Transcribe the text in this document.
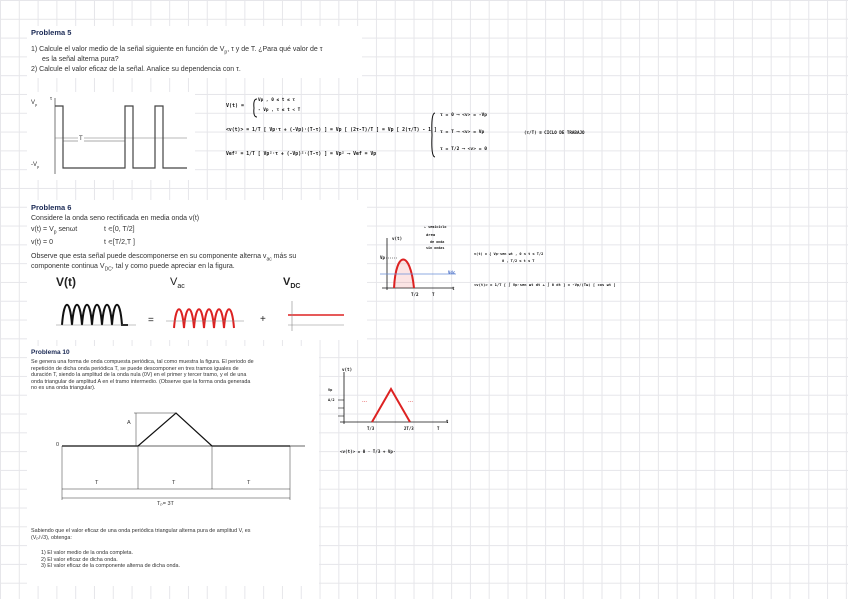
Problema 5
1) Calcule el valor medio de la señal siguiente en función de $V_p$, τ y de T. ¿Para qué valor de τ
es la señal alterna pura?
2) Calcule el valor eficaz de la señal. Analice su dependencia con τ.
$V_p$
$-V_p$
τ
T
V(t) =
Vp , 0 ≤ t ≤ τ
- Vp , τ ≤ t < T
<v(t)> = 1/T [ Vp·τ + (-Vp)·(T-τ) ] = Vp [ (2τ-T)/T ] = Vp [ 2(τ/T) - 1 ]
Vef² = 1/T [ Vp²·τ + (-Vp)²·(T-τ) ] = Vp² ⟶ Vef = Vp
τ = 0 ⟶ <v> = -Vp
τ = T ⟶ <v> = Vp
τ = T/2 ⟶ <v> = 0
(τ/T) ≡ CICLO DE TRABAJO
Problema 6
Considere la onda seno rectificada en media onda v(t)
$v(t) = V_p$ senωt	t ∊[0, T/2]
v(t) = 0	t ∊[T/2,T ]
Observe que esta señal puede descomponerse en su componente alterna $v_{ac}$ más su
componente continua $V_{DC}$, tal y como puede apreciar en la figura.
V(t)	$V_{ac}$	$V_{DC}$
=	+
v(t)
Vp
T/2	T
t
← semiciclo
área
de onda
sin ondas
Vdc
v(t) = { Vp·sen ωt , 0 ≤ t ≤ T/2
0 , T/2 ≤ t ≤ T
<v(t)> = 1/T [ ∫ Vp·sen ωt dt + ∫ 0 dt ] = -Vp/(Tω) [ cos ωt ]
Problema 10
Se genera una forma de onda compuesta periódica, tal como muestra la figura. El periodo de
repetición de dicha onda periódica T, se puede descomponer en tres tramos iguales de
duración T, siendo la amplitud de la onda nula (0V) en el primer y tercer tramo, y el de una
onda triangular de amplitud A en el tramo intermedio. (Observe que la forma onda generada
no es una onda triangular).
A
0
T	T	T
Tₚ= 3T
Sabiendo que el valor eficaz de una onda periódica triangular alterna pura de amplitud V, es
(Vₚ/√3), obtenga:
1) El valor medio de la onda completa.
2) El valor eficaz de dicha onda.
3) El valor eficaz de la componente alterna de dicha onda.
...	...
v(t)
Vp
A/2
T/3	2T/3	T
t
<v(t)> = 0 · T/3 + Vp·
